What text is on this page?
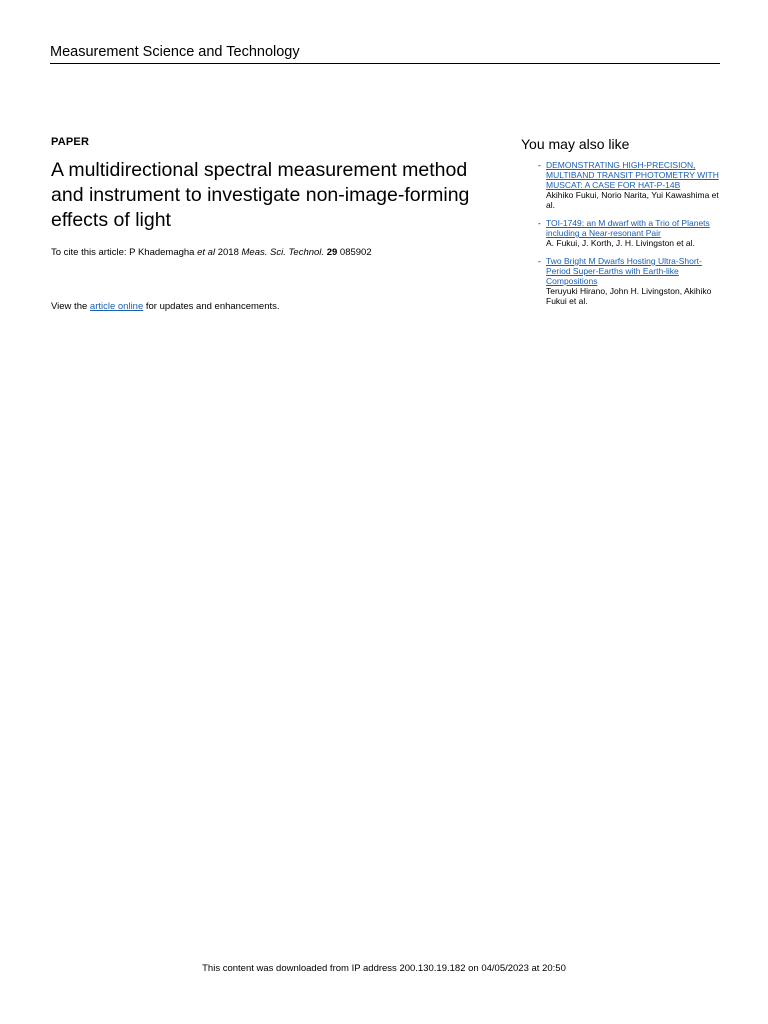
Measurement Science and Technology
PAPER
A multidirectional spectral measurement method and instrument to investigate non-image-forming effects of light
To cite this article: P Khademagha et al 2018 Meas. Sci. Technol. 29 085902
View the article online for updates and enhancements.
You may also like
- DEMONSTRATING HIGH-PRECISION, MULTIBAND TRANSIT PHOTOMETRY WITH MUSCAT: A CASE FOR HAT-P-14B
Akihiko Fukui, Norio Narita, Yui Kawashima et al.
- TOI-1749: an M dwarf with a Trio of Planets including a Near-resonant Pair
A. Fukui, J. Korth, J. H. Livingston et al.
- Two Bright M Dwarfs Hosting Ultra-Short-Period Super-Earths with Earth-like Compositions
Teruyuki Hirano, John H. Livingston, Akihiko Fukui et al.
This content was downloaded from IP address 200.130.19.182 on 04/05/2023 at 20:50
